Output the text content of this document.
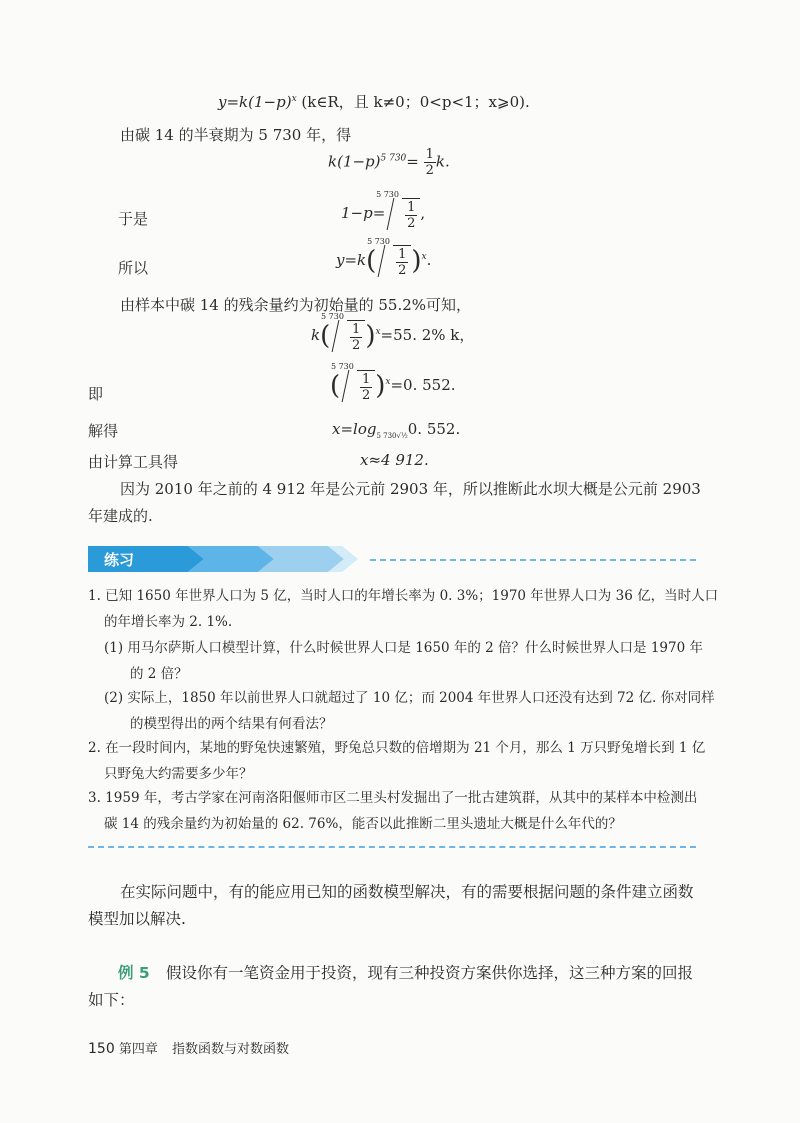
$y=k(1-p)^x$ (k∈R，且 k≠0；0<p<1；x⩾0).
由碳 14 的半衰期为 5 730 年，得
$k(1-p)^{5 730}= \frac{1}{2} k$.
于是	1−p=
5 730
$\frac{1}{2}$ ,
所以	y=k(
5 730
$\frac{1}{2} )^x$.
由样本中碳 14 的残余量约为初始量的 55.2%可知，
k(
5 730
$\frac{1}{2} )^x=55$. 2% k，
即	(
5 730
$\frac{1}{2} )^x=0$. 552.
解得	$x=\log_{5 730√\frac{1}{2}}0$. 552.
由计算工具得	x≈4 912.
因为 2010 年之前的 4 912 年是公元前 2903 年，所以推断此水坝大概是公元前 2903
年建成的.
练习
1. 已知 1650 年世界人口为 5 亿，当时人口的年增长率为 0. 3%；1970 年世界人口为 36 亿，当时人口
的年增长率为 2. 1%.
(1) 用马尔萨斯人口模型计算，什么时候世界人口是 1650 年的 2 倍？什么时候世界人口是 1970 年
的 2 倍？
(2) 实际上，1850 年以前世界人口就超过了 10 亿；而 2004 年世界人口还没有达到 72 亿. 你对同样
的模型得出的两个结果有何看法？
2. 在一段时间内，某地的野兔快速繁殖，野兔总只数的倍增期为 21 个月，那么 1 万只野兔增长到 1 亿
只野兔大约需要多少年？
3. 1959 年，考古学家在河南洛阳偃师市区二里头村发掘出了一批古建筑群，从其中的某样本中检测出
碳 14 的残余量约为初始量的 62. 76%，能否以此推断二里头遗址大概是什么年代的？
在实际问题中，有的能应用已知的函数模型解决，有的需要根据问题的条件建立函数
模型加以解决.
例 5 假设你有一笔资金用于投资，现有三种投资方案供你选择，这三种方案的回报
如下：
150 第四章 指数函数与对数函数
